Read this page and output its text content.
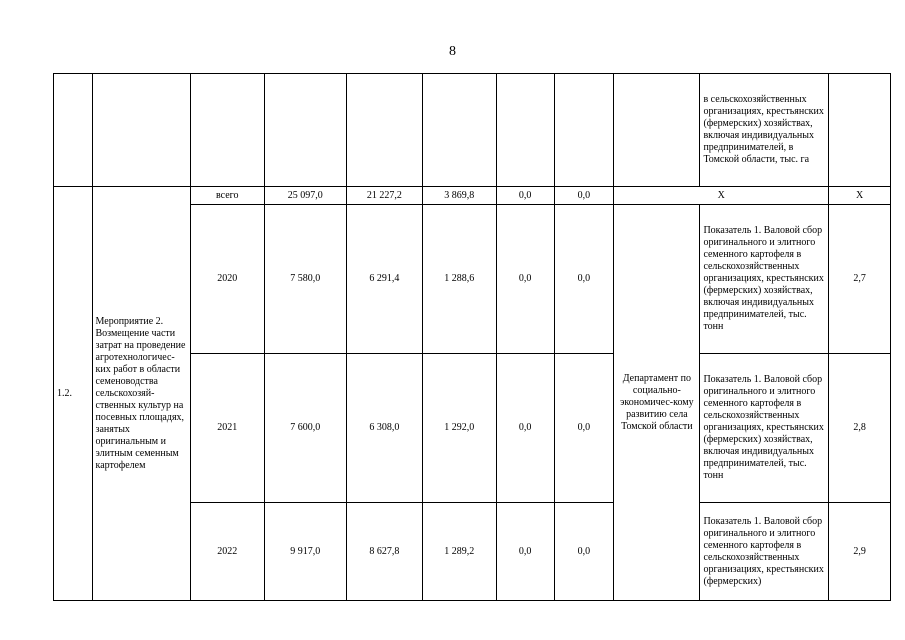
8
									в сельскохозяйственных организациях, крестьянских (фермерских) хозяйствах, включая индивидуальных предпринимателей, в Томской области, тыс. га	
1.2.	Мероприятие 2. Возмещение части затрат на проведение агротехнологичес-ких работ в области семеноводства сельскохозяй-ственных культур на посевных площадях, занятых оригинальным и элитным семенным картофелем	всего	25 097,0	21 227,2	3 869,8	0,0	0,0	Х		Х
		2020	7 580,0	6 291,4	1 288,6	0,0	0,0	Департамент по социально-экономичес-кому развитию села Томской области	Показатель 1. Валовой сбор оригинального и элитного семенного картофеля в сельскохозяйственных организациях, крестьянских (фермерских) хозяйствах, включая индивидуальных предпринимателей, тыс. тонн	2,7
		2021	7 600,0	6 308,0	1 292,0	0,0	0,0		Показатель 1. Валовой сбор оригинального и элитного семенного картофеля в сельскохозяйственных организациях, крестьянских (фермерских) хозяйствах, включая индивидуальных предпринимателей, тыс. тонн	2,8
		2022	9 917,0	8 627,8	1 289,2	0,0	0,0		Показатель 1. Валовой сбор оригинального и элитного семенного картофеля в сельскохозяйственных организациях, крестьянских (фермерских)	2,9
